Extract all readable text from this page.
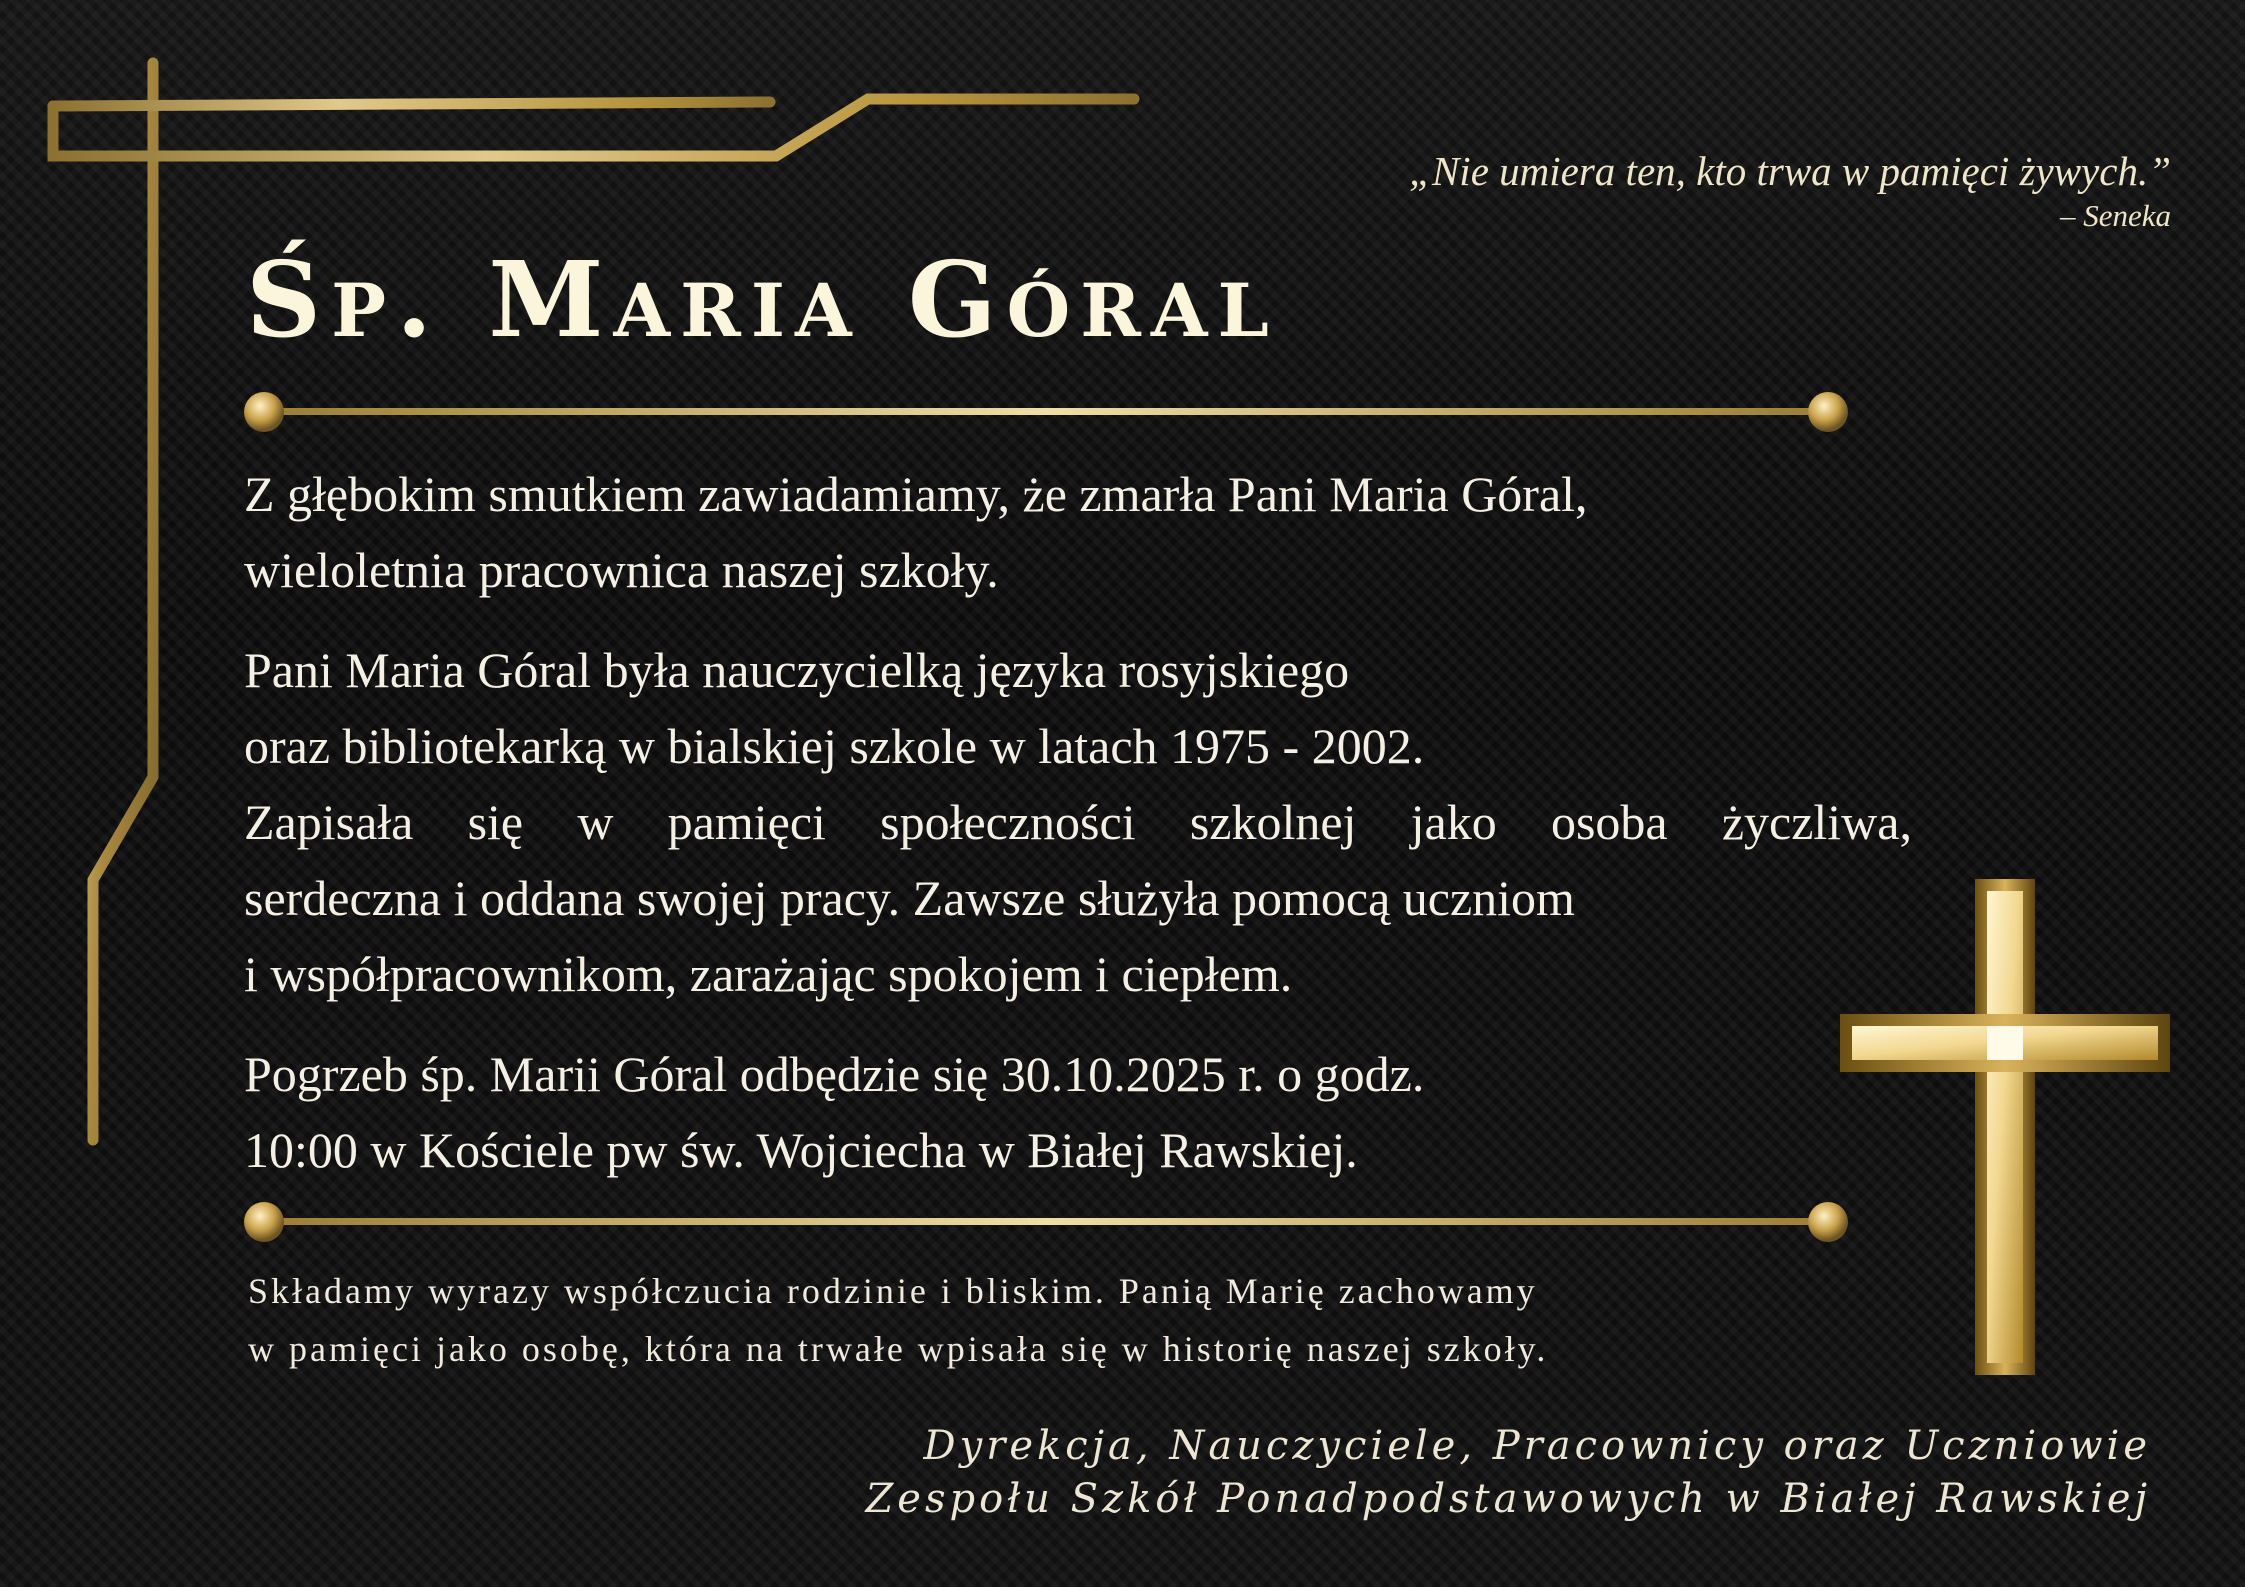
„Nie umiera ten, kto trwa w pamięci żywych.”
– Seneka
Śp. Maria Góral

Z głębokim smutkiem zawiadamiamy, że zmarła Pani Maria Góral,
wieloletnia pracownica naszej szkoły.

Pani Maria Góral była nauczycielką języka rosyjskiego
oraz bibliotekarką w bialskiej szkole w latach 1975 - 2002.

Zapisała się w pamięci społeczności szkolnej jako osoba życzliwa,
serdeczna i oddana swojej pracy. Zawsze służyła pomocą uczniom
i współpracownikom, zarażając spokojem i ciepłem.

Pogrzeb śp. Marii Góral odbędzie się 30.10.2025 r. o godz.
10:00 w Kościele pw św. Wojciecha w Białej Rawskiej.

Składamy wyrazy współczucia rodzinie i bliskim. Panią Marię zachowamy
w pamięci jako osobę, która na trwałe wpisała się w historię naszej szkoły.
Dyrekcja, Nauczyciele, Pracownicy oraz Uczniowie
Zespołu Szkół Ponadpodstawowych w Białej Rawskiej
